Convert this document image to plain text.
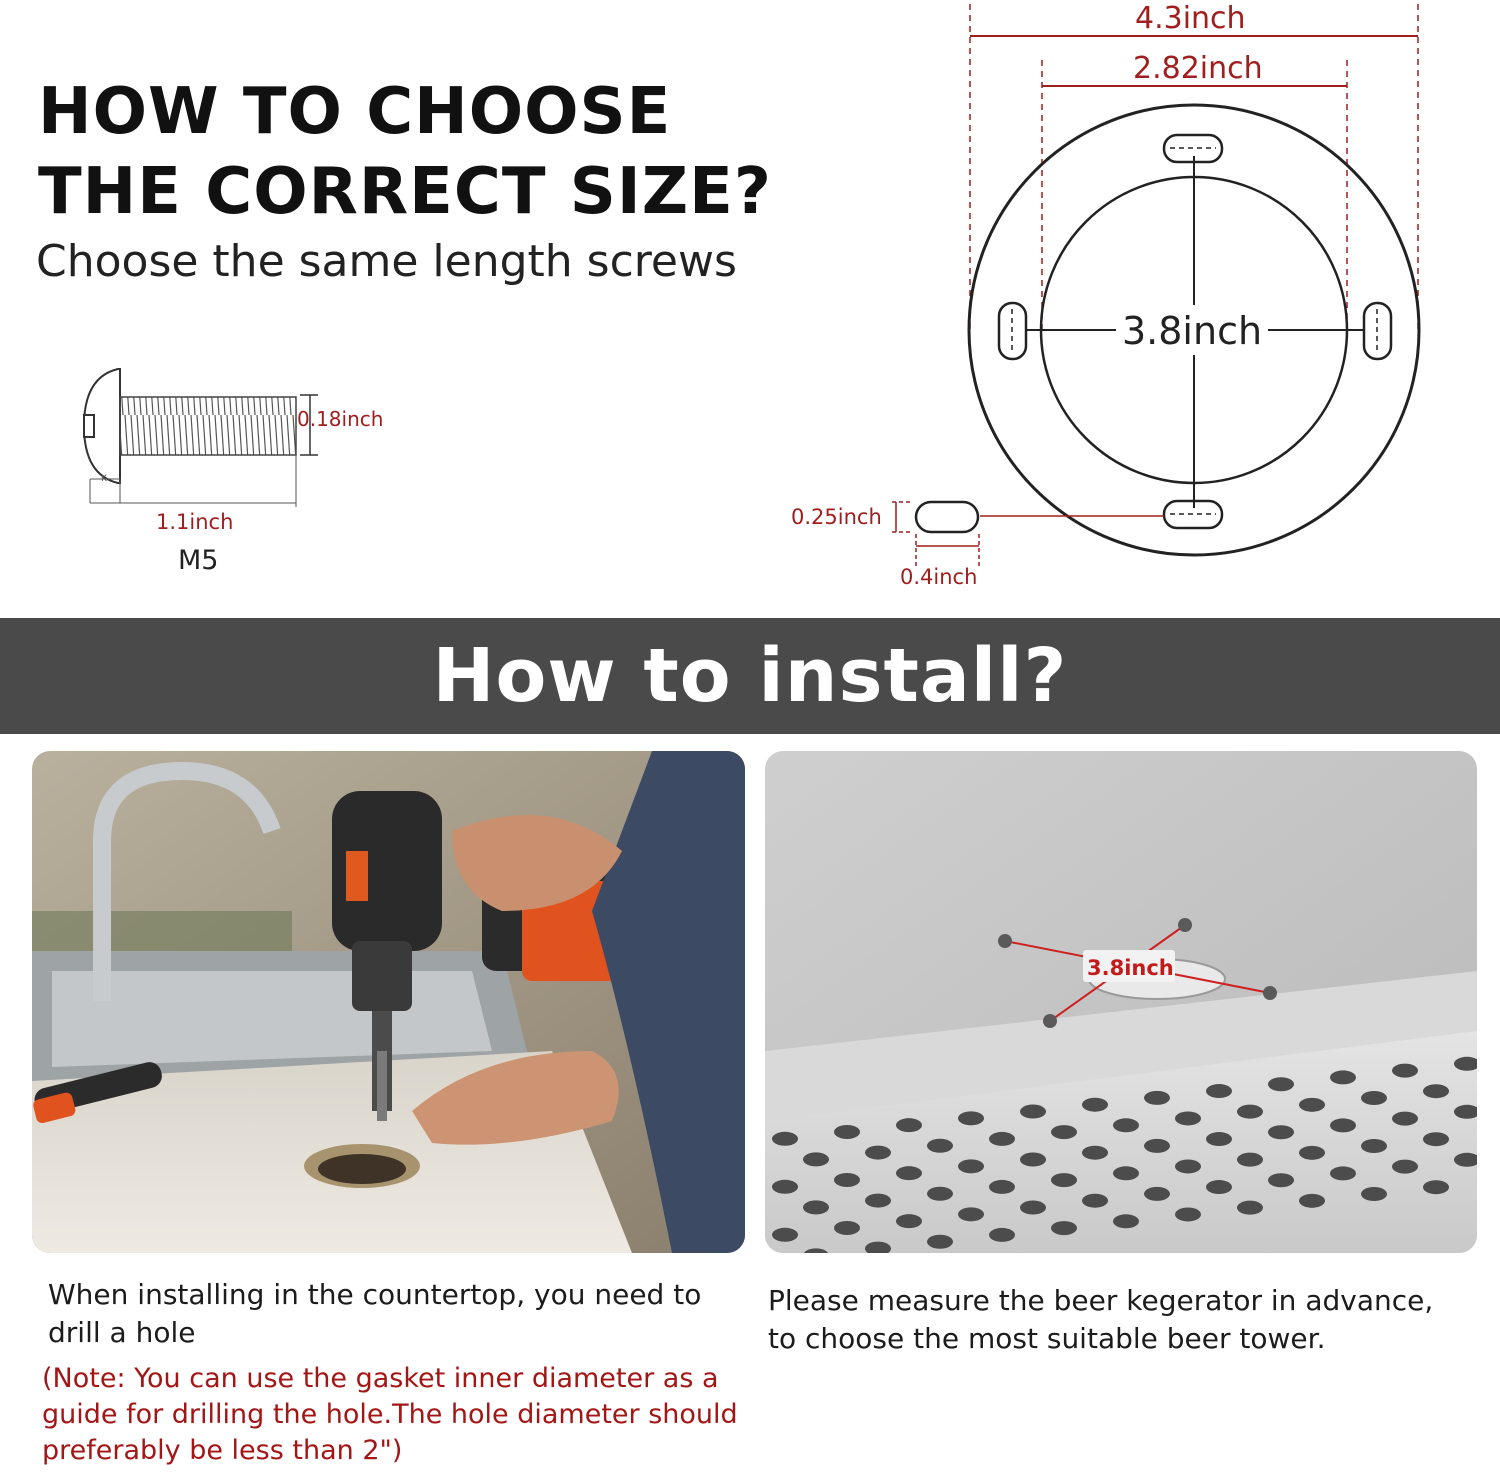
HOW TO CHOOSE
THE CORRECT SIZE?
Choose the same length screws
0.18inch
K
1.1inch
M5
4.3inch
2.82inch
3.8inch
0.25inch
0.4inch
How to install?
3.8inch
When installing in the countertop, you need to drill a hole
(Note: You can use the gasket inner diameter as a guide for drilling the hole.The hole diameter should preferably be less than 2")
Please measure the beer kegerator in advance, to choose the most suitable beer tower.
